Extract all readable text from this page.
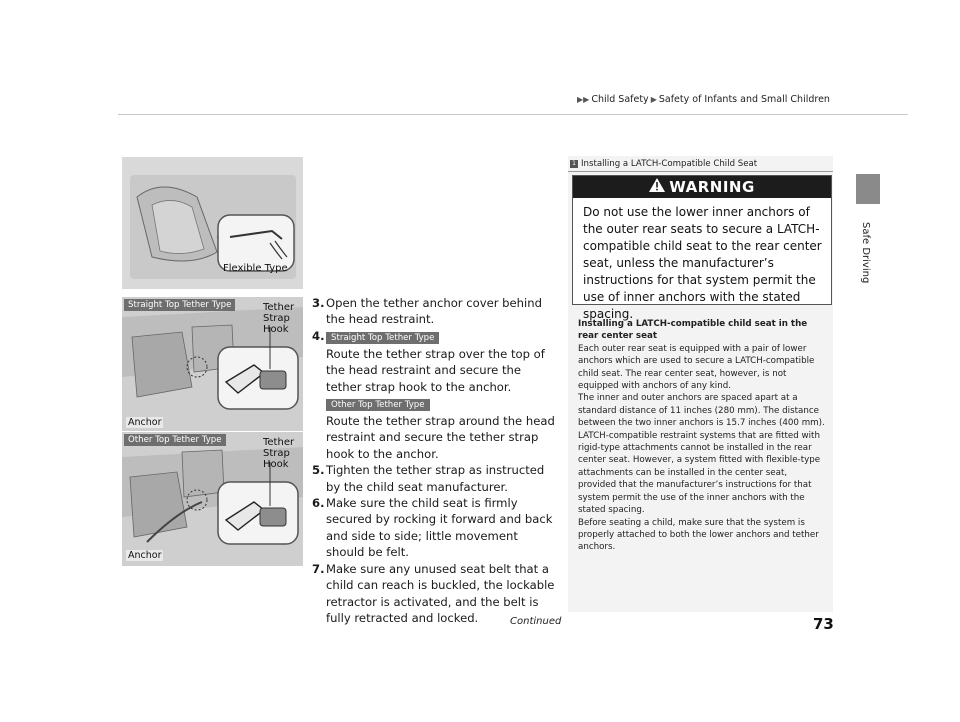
▶▶ Child Safety ▶ Safety of Infants and Small Children
Safe Driving
Flexible Type
Straight Top Tether Type	Tether
Strap
Hook
Anchor
Other Top Tether Type	Tether
Strap
Hook
Anchor
3. Open the tether anchor cover behind the head restraint.
4. Straight Top Tether Type
Route the tether strap over the top of the head restraint and secure the tether strap hook to the anchor.
Other Top Tether Type
Route the tether strap around the head restraint and secure the tether strap hook to the anchor.
5. Tighten the tether strap as instructed by the child seat manufacturer.
6. Make sure the child seat is firmly secured by rocking it forward and back and side to side; little movement should be felt.
7. Make sure any unused seat belt that a child can reach is buckled, the lockable retractor is activated, and the belt is fully retracted and locked.
1 Installing a LATCH-Compatible Child Seat
WARNING
Do not use the lower inner anchors of the outer rear seats to secure a LATCH-compatible child seat to the rear center seat, unless the manufacturer’s instructions for that system permit the use of inner anchors with the stated spacing.

Installing a LATCH-compatible child seat in the rear center seat

Each outer rear seat is equipped with a pair of lower anchors which are used to secure a LATCH-compatible child seat. The rear center seat, however, is not equipped with anchors of any kind.

The inner and outer anchors are spaced apart at a standard distance of 11 inches (280 mm). The distance between the two inner anchors is 15.7 inches (400 mm).

LATCH-compatible restraint systems that are fitted with rigid-type attachments cannot be installed in the rear center seat. However, a system fitted with flexible-type attachments can be installed in the center seat, provided that the manufacturer’s instructions for that system permit the use of the inner anchors with the stated spacing.

Before seating a child, make sure that the system is properly attached to both the lower anchors and tether anchors.

Continued	73
